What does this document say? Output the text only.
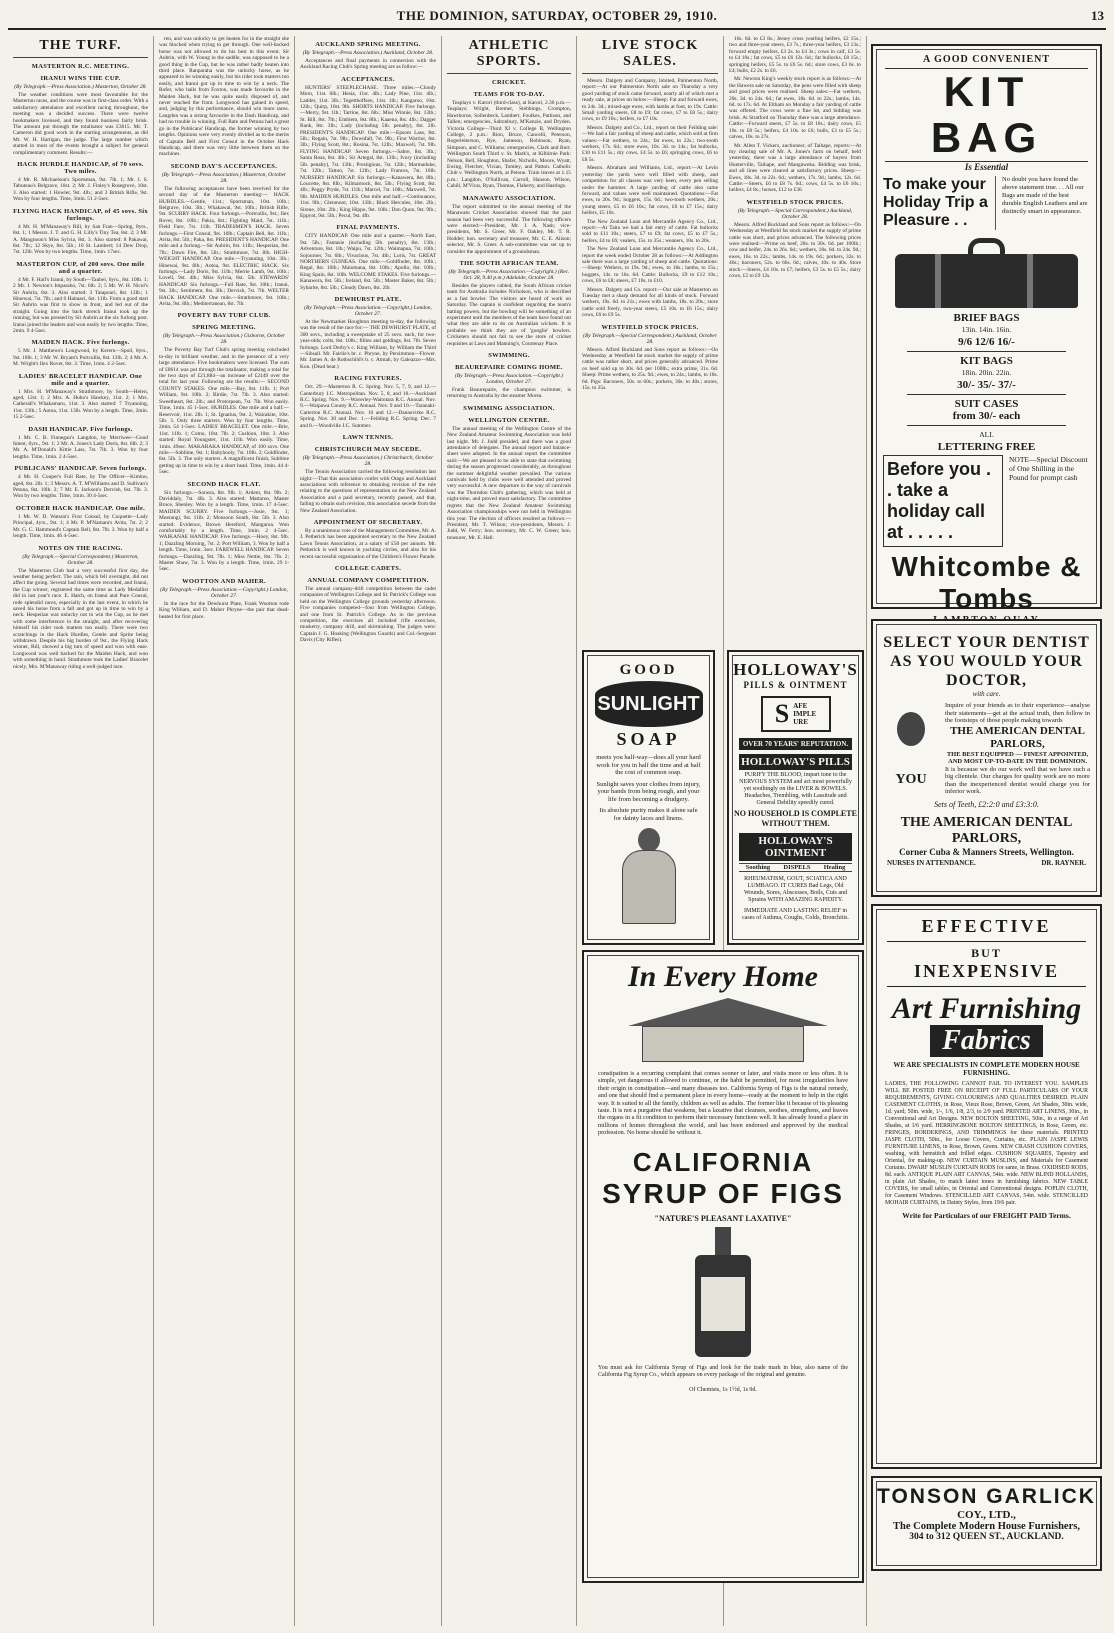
THE DOMINION, SATURDAY, OCTOBER 29, 1910.	13
THE TURF.
MASTERTON R.C. MEETING.
IRANUI WINS THE CUP.
(By Telegraph.—Press Association.) Masterton, October 28.

The weather conditions were most favourable for the Masterton races, and the course was in first-class order. With a satisfactory attendance and excellent racing throughout, the meeting was a decided success. There were twelve bookmakers licensed, and they found business fairly brisk. The amount put through the totalisator was £3615. Mr. T. Cameron did good work in the starting arrangements, as did Mr. W. H. Hartigan, the judge. The large number which started in most of the events brought a subject for general complimentary comment. Results:—

HACK HURDLE HANDICAP, of 70 sovs. Two miles.

4 Mr. R. Michaelson's Sportsman, 9st. 7lb. 1; Mr. J. S. Tabuteau's Belgrave, 10st. 2; Mr. J. Finley's Rosegrove, 10st. 3. Also started: 1 Howler, 9st. 4lb.; and 3 British Rifle, 9st. Won by four lengths. Time, 3min. 51 2-5sec.

FLYING HACK HANDICAP, of 45 sovs. Six furlongs.

4 Mr. H. M'Manaway's Rill, by San Fran—Spring, 8yrs., 8st. 1; 1 Messrs. J. T. and G. H. Lilly's Tiny Tea, 8st. 2; 3 Mr. A. Mangnoon's Miss Sylvia, 8st. 3. Also started: 8 Pakawai, 8st. 7lb.; 12 Skye, 8st. 5lb.; 10 St. Lambert; 14 Dew Drop, 7st. 12lb. Won by two lengths. Time, 1min. 17sec.

MASTERTON CUP, of 200 sovs. One mile and a quarter.

4 Mr. F. Hall's Iranui, by South—Taubei, 6yrs., 8st. 10lb. 1; 2 Mr. J. Newton's Imparaho, 7st. 6lb. 2; 5 Mr. W. H. Nicol's Sir Aubrin, 8st. 3. Also started: 3 Tatapouri, 8st. 13lb.; 1 Hinewai, 7st. 7lb.; and 6 Haitaaci, 6st. 11lb. From a good start Sir Aubrin was first to show in front, and led out of the straight. Going into the back stretch Iranui took up the running, but was pressed by Sir Aubrin at the six furlong post. Iranui joined the leaders and won easily by two lengths. Time, 2min. 9 4-5sec.

MAIDEN HACK. Five furlongs.

5 Mr. J. Matthews's Longwood, by Kereru—Spoil, 8yrs., 9st. 10lb. 1; 3 Mr. W. Bryant's Portcullis, 8st. 13lb. 2; 4 Mr. A. M. Wright's Ilex Rover, 8st. 3. Time, 1min. 4 2-5sec.

LADIES' BRACELET HANDICAP. One mile and a quarter.

1 Mrs. H. M'Manaway's Strathmore, by South—Helen, aged, 12st. 1; 2 Mrs. A. Hoho's Hawkey, 11st. 2; 1 Mrs. Catherall's Whakamaru, 11st. 3. Also started: 7 Tryanning, 11st. 13lb.; 5 Aotoa, 11st. 13lb. Won by a length. Time, 2min. 15 2-5sec.

DASH HANDICAP. Five furlongs.

1 Mr. C. B. Finnegan's Langdon, by Merriwee—Good Intent, 6yrs., 9st. 1; 2 Mr. A. Jones's Lady Doris, 8st. 6lb. 2; 3 Mr. A. M'Donald's Kittie Lass, 7st. 7lb. 3. Won by four lengths. Time, 1min. 2 4-5sec.

PUBLICANS' HANDICAP. Seven furlongs.

4 Mr. H. Cooper's Full Rate, by The Officer—Kimino, aged, 8st. 2lb. 1; 3 Messrs. A. T. M'Williams and D. Sullivan's Petuna, 8st. 10lb. 2; 7 Mr. E. Jackson's Dervish, 6st. 7lb. 3. Won by two lengths. Time, 1min. 30 4-5sec.

OCTOBER HACK HANDICAP. One mile.

1 Mr. W. D. Watson's First Consul, by Coquette—Lady Principal, 4yrs., 9st. 1; 4 Mr. P. M'Namara's Avita, 7st. 2; 2 Mr. G. C. Hammond's Captain Bell, 8st. 7lb. 3. Won by half a length. Time, 1min. 46 4-5sec.

NOTES ON THE RACING.
(By Telegraph.—Special Correspondent.) Masterton, October 28.

The Masterton Club had a very successful first day, the weather being perfect. The rain, which fell overnight, did not affect the going. Several bad times were recorded, and Iranui, the Cup winner, registered the same time as Lady Medallist did in last year's race. E. Hatch, on Iranui and Pure Consul, rode splendid races, especially in the last event, in which he saved his horse from a fall and got up in time to win by a neck. Hesperian was unlucky not to win the Cup, as he met with some interference in the straight, and after recovering himself his rider took matters too easily. There were two scratchings in the Hack Hurdles, Gentle and Sprite being withdrawn. Despite his big burden of 9st., the Flying Hack winner, Rill, showed a big turn of speed and won with ease. Longwood was well backed for the Maiden Hack, and won with something in hand. Strathmore took the Ladies' Bracelet nicely, Mrs. M'Manaway riding a well-judged race.

ren, and was unlucky to get beaten for in the straight she was blocked when trying to get through. One well-backed horse was not allowed to do his best in this event. Sir Aubrin, with W. Young in the saddle, was supposed to be a good thing in the Cup, but he was rather badly beaten into third place. Ranparaha was the unlucky horse, as he appeared to be winning easily, but his rider took matters too easily, and Iranui got up in time to win by a neck. The Rofer, who hails from Foxton, was made favourite in the Maiden Hack, but he was quite easily disposed of, and never reached the front. Longwood has gained in speed, and, judging by this performance, should win more races. Langdon was a strong favourite in the Dash Handicap, and had no trouble in winning. Full Rate and Petuna had a great go in the Publicans' Handicap, the former winning by two lengths. Opinions were very evenly divided as to the merits of Captain Bell and First Consul in the October Hack Handicap, and there was very little between them on the machines.

SECOND DAY'S ACCEPTANCES.
(By Telegraph.—Press Association.) Masterton, October 28.

The following acceptances have been received for the second day of the Masterton meeting:— HACK HURDLES.—Gentle, 11st.; Sportsman, 10st. 10lb.; Belgrave, 10st. 3lb.; Whakawai, 9st. 10lb.; British Rifle, 9st. SCURRY HACK. Four furlongs.—Portcullis, 9st.; Ilex Rover, 8st. 10lb.; Pakia, 8st.; Fighting Maid, 7st. 11lb.; Field Fare, 7st. 11lb. TRADESMEN'S HACK. Seven furlongs.—First Consul, 9st. 10lb.; Captain Bell, 8st. 11lb.; Avita, 8st. 5lb.; Paka, 8st. PRESIDENT'S HANDICAP. One mile and a furlong.—Sir Aubrin, 8st. 11lb.; Hesperian, 8st. 7lb.; Dawn Fire, 8st. 5lb.; Strathmore, 7st. 8lb. HIGH-WEIGHT HANDICAP. One mile.—Tryanning, 10st. 3lb.; Hinewai, 9st. 8lb.; Aotoa, 9st. ELECTRIC HACK. Six furlongs.—Lady Doris, 9st. 11lb.; Merrie Lamb, 9st. 10lb.; Lovell, 9st. 4lb.; Miss Sylvia, 8st. 5lb. STEWARDS' HANDICAP. Six furlongs.—Full Rate, 9st. 10lb.; Iranui, 9st. 3lb.; Sentiment, 8st. 3lb.; Dervish, 7st. 7lb. WELTER HACK HANDICAP. One mile.—Strathmore, 9st. 10lb.; Avita, 9st. 8lb.; Mediterranean, 8st. 7lb.

POVERTY BAY TURF CLUB.
SPRING MEETING.
(By Telegraph.—Press Association.) Gisborne, October 28.

The Poverty Bay Turf Club's spring meeting concluded to-day in brilliant weather, and in the presence of a very large attendance. Five bookmakers were licensed. The sum of £8614 was put through the totalisator, making a total for the two days of £21,884—an increase of £2149 over the total for last year. Following are the results:— SECOND COUNTY STAKES. One mile.—Bay, 8st. 11lb. 1; Port William, 9st. 10lb. 2; Birdie, 7st. 7lb. 3. Also started: Sweetheart, 8st. 2lb.; and Protorpean, 7st. 7lb. Won easily. Time, 1min. 45 1-5sec. HURDLES. One mile and a half.—Reservoir, 11st. 2lb. 1; St. Ignatius, 9st. 2; Wairakite, 10st. 5lb. 3. Only three starters. Won by four lengths. Time, 2min. 54 1-5sec. LADIES' BRACELET. One mile.—Brie, 11st. 11lb. 1; Como, 10st. 7lb. 2; Cushion, 10st. 3. Also started: Royal Youngster, 11st. 11lb. Won easily. Time, 1min. 49sec. MAKARAKA HANDICAP, of 100 sovs. One mile.—Sublime, 9st. 1; Ballyhooly, 7st. 10lb. 2; Goldfinder, 8st. 5lb. 3. The only starters. A magnificent finish, Sublime getting up in time to win by a short head. Time, 1min. 44 4-5sec.

SECOND HACK FLAT.

Six furlongs.—Sonora, 8st. 9lb. 1; Ardent, 8st. 9lb. 2; Daviddaly, 7st. 4lb. 3. Also started: Mattaroo, Master Bruce, Shenley. Won by a length. Time, 1min. 17 4-5sec. MAIDEN SCURRY. Five furlongs.—Josie, 9st. 1; Moerangi, 9st. 11lb. 2; Monsoon South, 8st. 5lb. 3. Also started: Evidence, Brown Hereford, Mangaroa. Won comfortably by a length. Time, 1min. 2 4-5sec. WAIKANAE HANDICAP. Five furlongs.—Hoey, 8st. 9lb. 1; Dazzling Morning, 7st. 2; Port William, 3. Won by half a length. Time, 1min. 3sec. FAREWELL HANDICAP. Seven furlongs.—Dazzling, 9st. 7lb. 1; Miss Nettie, 8st. 7lb. 2; Master Shaw, 7st. 3. Won by a length. Time, 1min. 29 1-5sec.

WOOTTON AND MAHER.
(By Telegraph.—Press Association.—Copyright.) London, October 27.

In the race for the Dewhurst Plate, Frank Wootton rode King William, and D. Maher Phryne—the pair that dead-heated for first place.

AUCKLAND SPRING MEETING.
(By Telegraph.—Press Association.) Auckland, October 28.

Acceptances and final payments in connection with the Auckland Racing Club's Spring meeting are as follow:—

ACCEPTANCES.

HUNTERS' STEEPLECHASE. Three miles.—Cloudy Morn, 11st. 6lb.; Hesia, 11st. 4lb.; Lady Pine, 11st. 4lb.; Ladder, 11st. 3lb.; Tegetthoffsen, 11st. 1lb.; Kangaroo, 10st. 12lb.; Quirp, 10st. 9lb. SHORTS HANDICAP. Five furlongs.—Merry, 9st. 1lb.; Tartine, 8st. 6lb.; Miss Winnie, 8st. 13lb.; St. Bill, 8st. 7lb.; Emblem, 8st. 8lb.; Kaaena, 8st. 4lb.; Dagger Bank, 8st. 3lb.; Lady (including 5lb. penalty), 8st. 2lb. PRESIDENT'S HANDICAP. One mile.—Epsom Lass, 8st. 5lb.; Regain, 7st. 9lb.; Downfall, 7st. 9lb.; First Warrior, 8st. 3lb.; Flying Scott, 8st.; Rosina, 7st. 12lb.; Maxwell, 7st. 9lb. FLYING HANDICAP. Seven furlongs.—Sabre, 8st. 3lb.; Santa Rosa, 8st. 4lb.; Sir Artegal, 8st. 13lb.; Ivory (including 5lb. penalty), 7st. 13lb.; Prestigious, 7st. 12lb.; Marmaduke, 7st. 12lb.; Tattoo, 7st. 12lb.; Lady Frances, 7st. 10lb. NURSERY HANDICAP. Six furlongs.—Kanawera, 8st. 8lb.; Loucette, 8st. 8lb.; Kilmarnock, 8st. 5lb.; Flying Scott, 8st. 4lb.; Peggy Pryde, 7st. 11lb.; Marcel, 7st. 10lb.; Maxwell, 7st. 9lb. MAIDEN HURDLES. One mile and half.—Continuance, 11st. 9lb.; Glenmoor, 10st. 13lb.; Black Hercules, 10st. 2lb.; Sirene, 10st. 2lb.; King Hippo, 9st. 10lb.; Don Quon, 9st. 9lb.; Eppynt, 9st. 5lb.; Pecul, 9st. 4lb.

FINAL PAYMENTS.

CITY HANDICAP. One mile and a quarter.—North East, 9st. 5lb.; Fantasie (including 5lb. penalty), 8st. 13lb.; Adventure, 8st. 1lb.; Waipu, 7st. 12lb.; Waimapua, 7st. 10lb.; Sojourner, 7st. 6lb.; Vivacious, 7st. 4lb.; Loris, 7st. GREAT NORTHERN GUINEAS. One mile.—Goldfinder, 8st. 10lb.; Regal, 8st. 10lb.; Maiomana, 8st. 10lb.; Apollo, 8st. 10lb.; King Spain, 8st. 10lb. WELCOME STAKES. Five furlongs.—Kanawera, 8st. 5lb.; Ireland, 8st. 5lb.; Master Baker, 8st. 5lb.; Sybarite, 8st. 5lb.; Cloudy Dawn, 8st. 2lb.

DEWHURST PLATE.
(By Telegraph.—Press Association.—Copyright.) London, October 27.

At the Newmarket Houghton meeting to-day, the following was the result of the race for:— THE DEWHURST PLATE, of 300 sovs., including a sweepstake of 25 sovs. each, for two-year-olds; colts, 8st. 10lb.; fillies and geldings, 8st. 7lb. Seven furlongs. Lord Derby's c. King William, by William the Third—Sibsall. Mr. Fairlie's br. c. Phryne, by Persimmon—Flower. Mr. James A. de Rothschild's b. c. Atmah, by Galeazzo—Mrs. Kon. (Dead heat.)

RACING FIXTURES.

Oct. 29.—Masterton R. C. Spring. Nov. 5, 7, 9, and 12.—Canterbury J.C. Metropolitan. Nov. 5, 8, and 10.—Auckland R.C. Spring. Nov. 9.—Waverley-Waitotara R.C. Annual. Nov. 9.—Waipawa County R.C. Annual. Nov. 9 and 10.—Taranaki-Carterton R.C. Annual. Nov. 10 and 12.—Dannevirke R.C. Spring. Nov. 30 and Dec. 1.—Feilding R.C. Spring. Dec. 7 and 8.—Woodville J.C. Summer.

LAWN TENNIS.
CHRISTCHURCH MAY SECEDE.
(By Telegraph.—Press Association.) Christchurch, October 28.

The Tennis Association carried the following resolution last night:—That this association confer with Otago and Auckland associations with reference to obtaining revision of the rule relating to the questions of representation on the New Zealand Association and a paid secretary, recently passed, and that, failing to obtain such revision, this association secede from the New Zealand Association.

APPOINTMENT OF SECRETARY.

By a unanimous vote of the Management Committee, Mr. A. J. Petherick has been appointed secretary to the New Zealand Lawn Tennis Association, at a salary of £50 per annum. Mr. Petherick is well known in yachting circles, and also for his recent successful organisation of the Children's Flower Parade.

COLLEGE CADETS.
ANNUAL COMPANY COMPETITION.

The annual company-drill competition between the cadet companies of Wellington College and St. Patrick's College was held on the Wellington College grounds yesterday afternoon. Five companies competed—four from Wellington College, and one from St. Patrick's College. As in the previous competition, the exercises all included rifle exercises, musketry, company drill, and skirmishing. The judges were: Captain J. G. Hosking (Wellington Guards) and Col.-Sergeant Davis (City Rifles).

ATHLETIC SPORTS.
CRICKET.
TEAMS FOR TO-DAY.

Teaplays v. Karori (third-class), at Karori, 2.30 p.m.—Teaplays: Wright, Bremer, Stebbings, Crompton, Hawthorne, Sollenbeck, Lambert, Foulkes, Pattison, and Tallen; emergencies, Saltonbury, M'Kenzie, and Dryden. Victoria College—Third XI v. College B, Wellington College, 2 p.m.: Rion, Bruce, Cancelli, Peterson, Rogerleiterson, Rye, Jameson, Robinson, Ryan, Simpson, and C. Williams; emergencies, Clark and Burr. Wellington South Third v. St. Mark's, at Kilbirnie Park: Nelson, Bell, Houghton, Shafer, Nicholls, Moore, Wyatt, Ewing, Fletcher, Vivian, Tomley, and Patton. Catholic Club v. Wellington North, at Petone. Train leaves at 1.15 p.m.: Langdon, O'Sullivan, Carroll, Hanson, Wilson, Cahill, M'Vicar, Ryan, Thomas, Flaherty, and Hastings.

MANAWATU ASSOCIATION.

The report submitted to the annual meeting of the Manawatu Cricket Association showed that the past season had been very successful. The following officers were elected:—President, Mr. J. A. Nash; vice-presidents, Mr. S. Greer, Mr. F. Oakley, Mr. T. R. Hodder; hon. secretary and treasurer, Mr. C. E. Alison; selector, Mr. S. Greer. A sub-committee was set up to consider the appointment of a groundsman.

THE SOUTH AFRICAN TEAM.
(By Telegraph.—Press Association.—Copyright.) (Rec. Oct. 28, 9.40 p.m.) Adelaide, October 28.

Besides the players cabled, the South African cricket team for Australia includes Nicholson, who is described as a fast bowler. The visitors are heard of work on Saturday. The captain is confident regarding the team's batting powers, but the bowling will be something of an experiment until the members of the team have found out what they are able to do on Australian wickets. It is probable we think they are of 'googlie' bowlers. Cricketers should not fail to see the store of cricket requisites at Laws and Manning's, Courtenay Place.

SWIMMING.
BEAUREPAIRE COMING HOME.
(By Telegraph.—Press Association.—Copyright.) London, October 27.

Frank Beaurepaire, the champion swimmer, is returning to Australia by the steamer Morea.

SWIMMING ASSOCIATION.
WELLINGTON CENTRE.

The annual meeting of the Wellington Centre of the New Zealand Amateur Swimming Association was held last night. Mr. J. Judd presided, and there was a good attendance of delegates. The annual report and balance-sheet were adopted. In the annual report the committee said:—We are pleased to be able to state that swimming during the season progressed considerably, as throughout the summer delightful weather prevailed. The various carnivals held by clubs were well attended and proved very successful. A new departure in the way of carnivals was the Thorndon Club's gathering, which was held at night-time, and proved most satisfactory. The committee regrets that the New Zealand Amateur Swimming Association championships were not held in Wellington this year. The election of officers resulted as follows:—President, Mr. T. Wilson; vice-presidents, Messrs. J. Judd, W. Ferry; hon. secretary, Mr. C. W. Green; hon. treasurer, Mr. E. Hall.

LIVE STOCK SALES.

Messrs. Dalgety and Company, limited, Palmerston North, report:—At our Palmerston North sale on Thursday a very good yarding of stock came forward, nearly all of which met a ready sale, at prices on below:—Sheep: Fat and forward ewes, to 24s. 3d.; mixed-age ewes, with lambs at foot, to 19s. Cattle: Small yarding steers, £8 to £9; fat cows, £7 to £8 5s.; dairy cows, to £9 10s.; heifers, to £7 10s.

Messrs. Dalgety and Co., Ltd., report on their Feilding sale:—We had a fair yarding of sheep and cattle, which sold at firm values:—Fat wethers, to 24s.; fat ewes, to 22s.; two-tooth wethers, 17s. 6d.; store ewes, 10s. 3d. to 14s.; fat bullocks, £10 to £11 5s.; dry cows, £4 5s. to £6; springing cows, £6 to £8 5s.

Messrs. Abraham and Williams, Ltd., report:—At Levin yesterday the yards were well filled with sheep, and competition for all classes was very keen, every pen selling under the hammer. A large yarding of cattle also came forward, and values were well maintained. Quotations:—Fat ewes, to 20s. 9d.; hoggets, 15s. 6d.; two-tooth wethers, 20s.; young steers, £5 to £6 10s.; fat cows, £6 to £7 15s.; dairy heifers, £5 10s.

The New Zealand Loan and Mercantile Agency Co., Ltd., report:—At Taita we had a fair entry of cattle. Fat bullocks sold to £11 10s.; steers, £7 to £9; fat cows, £5 to £7 5s.; heifers, £4 to £6; vealers, 15s. to 35s.; weaners, 10s. to 20s.

The New Zealand Loan and Mercantile Agency Co., Ltd., report the week ended October 28 as follows:—At Addington sale there was a large yarding of sheep and cattle. Quotations:—Sheep: Wethers, to 19s. 9d.; ewes, to 18s.; lambs, to 15s.; hoggets, 14s. to 16s. 6d. Cattle: Bullocks, £9 to £12 10s.; cows, £6 to £8; steers, £7 10s. to £10.

Messrs. Dalgety and Co. report:—Our sale at Masterton on Tuesday met a sharp demand for all kinds of stock. Forward wethers, 19s. 6d. to 21s.; ewes with lambs, 18s. to 20s.; store cattle sold freely, two-year steers, £5 10s. to £6 15s.; dairy cows, £6 to £9 5s.

WESTFIELD STOCK PRICES.
(By Telegraph.—Special Correspondent.) Auckland, October 28.

Messrs. Alfred Buckland and Sons report as follows:—On Wednesday at Westfield fat stock market the supply of prime cattle was rather short, and prices generally advanced. Prime ox beef sold up to 30s. 6d. per 100lb.; extra prime, 31s. 6d. Sheep: Prime wethers, to 25s. 9d.; ewes, to 24s.; lambs, to 18s. 6d. Pigs: Baconers, 50s. to 60s.; porkers, 30s. to 40s.; stores, 15s. to 25s.

16s. 6d. to £3 8s.; Jersey cross yearling heifers, £2 15s.; two and three-year steers, £3 7s.; three-year heifers, £3 13s.; forward empty heifers, £3 2s. to £4 3s.; cows in calf, £3 5s. to £4 10s.; fat cows, £5 to £6 12s. 6d.; fat bullocks, £8 15s.; springing heifers, £5 5s. to £6 5s. 6d.; store cows, £3 6s. to £4; bulls, £2 2s. to £6.

Mr. Newton King's weekly stock report is as follows:—At the Hawera sale on Saturday, the pens were filled with sheep and good prices were realised. Sheep sales:—Fat wethers, 20s. 3d. to 24s. 6d.; fat ewes, 18s. 6d. to 22s.; lambs, 14s. 6d. to 17s. 6d. At Eltham on Monday a fair yarding of cattle was offered. The cows were a fine lot, and bidding was brisk. At Stratford on Thursday there was a large attendance. Cattle:—Forward steers, £7 5s. to £8 10s.; dairy cows, £5 10s. to £8 5s.; heifers, £4 10s. to £6; bulls, £3 to £5 5s.; calves, 10s. to 27s.

Mr. Allen T. Vickers, auctioneer, of Taihape, reports:—At my clearing sale of Mr. A. Jones's farm on behalf, held yesterday, there was a large attendance of buyers from Hunterville, Taihape, and Mangaweka. Bidding was brisk, and all lines were cleared at satisfactory prices. Sheep:—Ewes, 18s. 3d. to 22s. 6d.; wethers, 17s. 9d.; lambs, 12s. 6d. Cattle:—Steers, £6 to £8 7s. 6d.; cows, £4 5s. to £6 10s.; heifers, £4 8s.; horses, £12 to £36.

WESTFIELD STOCK PRICES.
(By Telegraph.—Special Correspondent.) Auckland, October 28.

Messrs. Alfred Buckland and Sons report as follows:—On Wednesday at Westfield fat stock market the supply of prime cattle was short, and prices advanced. The following prices were realised:—Prime ox beef, 28s. to 30s. 6d. per 100lb.; cow and heifer, 24s. to 26s. 6d.; wethers, 18s. 6d. to 24s. 9d.; ewes, 16s. to 22s.; lambs, 14s. to 19s. 6d.; porkers, 32s. to 46s.; baconers, 52s. to 66s. 6d.; calves, 10s. to 40s. Store stock:—Steers, £4 10s. to £7; heifers, £3 5s. to £5 5s.; dairy cows, £5 to £9 12s.

GOOD
SUNLIGHT
SOAP
meets you half-way—does all your hard work for you in half the time and at half the cost of common soap.
Sunlight saves your clothes from injury, your hands from being rough, and your life from becoming a drudgery.
Its absolute purity makes it alone safe for dainty laces and linens.
HOLLOWAY'S
PILLS & OINTMENT
S AFE
IMPLE
URE
OVER 70 YEARS' REPUTATION.
HOLLOWAY'S PILLS
PURIFY THE BLOOD, impart tone to the NERVOUS SYSTEM and act most powerfully yet soothingly on the LIVER & BOWELS. Headaches, Trembling, with Lassitude and General Debility speedily cured.
NO HOUSEHOLD IS COMPLETE WITHOUT THEM.
HOLLOWAY'S OINTMENT
Soothing DISPELS Healing
RHEUMATISM, GOUT, SCIATICA AND LUMBAGO. IT CURES Bad Legs, Old Wounds, Sores, Abscesses, Boils, Cuts and Sprains WITH AMAZING RAPIDITY.
IMMEDIATE AND LASTING RELIEF in cases of Asthma, Coughs, Colds, Bronchitis.
In Every Home
constipation is a recurring complaint that comes sooner or later, and visits more or less often. It is simple, yet dangerous if allowed to continue, or the habit be permitted, for most irregularities have their origin in constipation—and many diseases too. California Syrup of Figs is the natural remedy, and one that should find a permanent place in every home—ready at the moment to help in the right way. It is suited to all the family, children as well as adults. The former like it because of its pleasing taste. It is not a purgative that weakens, but a laxative that cleanses, soothes, strengthens, and leaves the organs in a fit condition to perform their necessary functions well. It has already found a place in millions of homes throughout the world, and has been endorsed and approved by the medical profession. No home should be without it.
CALIFORNIA
SYRUP OF FIGS
"NATURE'S PLEASANT LAXATIVE"
You must ask for California Syrup of Figs and look for the trade mark in blue, also name of the California Fig Syrup Co., which appears on every package of the original and genuine.
Of Chemists, 1s 1½d, 1s 9d.
A GOOD CONVENIENT
KIT BAG
Is Essential
To make your Holiday Trip a Pleasure . .
No doubt you have found the above statement true. . . All our Bags are made of the best durable English Leathers and are distinctly smart in appearance.
BRIEF BAGS
13in. 14in. 16in.
9/6 12/6 16/-
KIT BAGS
18in. 20in. 22in.
30/- 35/- 37/-
SUIT CASES
from 30/- each
ALL
LETTERING FREE
Before you . . take a holiday call at . . . . .
NOTE—Special Discount of One Shilling in the Pound for prompt cash
Whitcombe & Tombs
SELECT YOUR DENTIST AS YOU WOULD YOUR DOCTOR,
with care.
YOU
Inquire of your friends as to their experience—analyse their statements—get at the actual truth, then follow in the footsteps of those people making towards
THE AMERICAN DENTAL PARLORS,
THE BEST EQUIPPED — FINEST APPOINTED, AND MOST UP-TO-DATE IN THE DOMINION.
It is because we do our work well that we have such a big clientele. Our charges for quality work are no more than the inexperienced dentist would charge you for inferior work.
Sets of Teeth, £2:2:0 and £3:3:0.
THE AMERICAN DENTAL PARLORS,
Corner Cuba & Manners Streets, Wellington.
NURSES IN ATTENDANCE.	DR. RAYNER.
EFFECTIVE
BUT
INEXPENSIVE
Art Furnishing
Fabrics
WE ARE SPECIALISTS IN COMPLETE MODERN HOUSE FURNISHING.
LADIES, THE FOLLOWING CANNOT FAIL TO INTEREST YOU. SAMPLES WILL BE POSTED FREE ON RECEIPT OF FULL PARTICULARS OF YOUR REQUIREMENTS, GIVING COLOURINGS AND QUALITIES DESIRED. PLAIN CASEMENT CLOTHS, in Rose, Vieux Rose, Brown, Green, Art Shades, 30in. wide, 1d. yard; 50in. wide, 1/-, 1/6, 1/8, 2/3, to 2/9 yard. PRINTED ART LINENS, 30in., in Conventional and Art Designs. NEW BOLTON SHEETING, 50in., in a range of Art Shades, at 1/6 yard. HERRINGBONE BOLTON SHEETINGS, in Rose, Green, etc. FRINGES, BORDERINGS, AND TRIMMINGS for these materials. PRINTED JASPE CLOTH, 50in., for Loose Covers, Curtains, etc. PLAIN JASPE LEWIS FURNITURE LINENS, in Rose, Brown, Green. NEW CRASH CUSHION COVERS, washing, with hemstitch and frilled edges. CUSHION SQUARES, Tapestry and Oriental, for making-up. NEW CURTAIN MUSLINS, and Materials for Casement Curtains. DWARF MUSLIN CURTAIN RODS for same, in Brass. OXIDISED RODS, 8d. each. ANTIQUE PLAIN ART CANVAS, 54in. wide. NEW BLIND HOLLANDS, in plain Art Shades, to match latest tones in furnishing fabrics. NEW TABLE COVERS, for small tables, in Oriental and Conventional designs. POPLIN CLOTH, for Casement Windows. STENCILLED ART CANVAS, 54in. wide. STENCILLED MOHAIR CURTAINS, in Dainty Styles, from 19/6 pair.
Write for Particulars of our FREIGHT PAID Terms.
TONSON GARLICK
COY., LTD.,
The Complete Modern House Furnishers,
304 to 312 QUEEN ST., AUCKLAND.
